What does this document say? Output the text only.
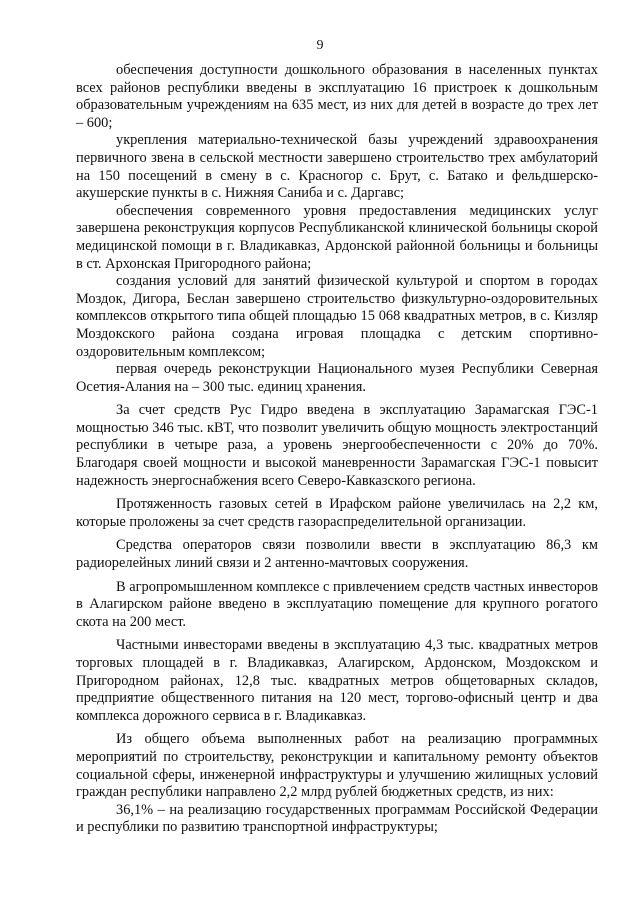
9

обеспечения доступности дошкольного образования в населенных пунктах всех районов республики введены в эксплуатацию 16 пристроек к дошкольным образовательным учреждениям на 635 мест, из них для детей в возрасте до трех лет – 600;

укрепления материально-технической базы учреждений здравоохранения первичного звена в сельской местности завершено строительство трех амбулаторий на 150 посещений в смену в с. Красногор с. Брут, с. Батако и фельдшерско-акушерские пункты в с. Нижняя Саниба и с. Даргавс;

обеспечения современного уровня предоставления медицинских услуг завершена реконструкция корпусов Республиканской клинической больницы скорой медицинской помощи в г. Владикавказ, Ардонской районной больницы и больницы в ст. Архонская Пригородного района;

создания условий для занятий физической культурой и спортом в городах Моздок, Дигора, Беслан завершено строительство физкультурно-оздоровительных комплексов открытого типа общей площадью 15 068 квадратных метров, в с. Кизляр Моздокского района создана игровая площадка с детским спортивно-оздоровительным комплексом;

первая очередь реконструкции Национального музея Республики Северная Осетия-Алания на – 300 тыс. единиц хранения.

За счет средств Рус Гидро введена в эксплуатацию Зарамагская ГЭС-1 мощностью 346 тыс. кВТ, что позволит увеличить общую мощность электростанций республики в четыре раза, а уровень энергообеспеченности с 20% до 70%. Благодаря своей мощности и высокой маневренности Зарамагская ГЭС-1 повысит надежность энергоснабжения всего Северо-Кавказского региона.

Протяженность газовых сетей в Ирафском районе увеличилась на 2,2 км, которые проложены за счет средств газораспределительной организации.

Средства операторов связи позволили ввести в эксплуатацию 86,3 км радиорелейных линий связи и 2 антенно-мачтовых сооружения.

В агропромышленном комплексе с привлечением средств частных инвесторов в Алагирском районе введено в эксплуатацию помещение для крупного рогатого скота на 200 мест.

Частными инвесторами введены в эксплуатацию 4,3 тыс. квадратных метров торговых площадей в г. Владикавказ, Алагирском, Ардонском, Моздокском и Пригородном районах, 12,8 тыс. квадратных метров общетоварных складов, предприятие общественного питания на 120 мест, торгово-офисный центр и два комплекса дорожного сервиса в г. Владикавказ.

Из общего объема выполненных работ на реализацию программных мероприятий по строительству, реконструкции и капитальному ремонту объектов социальной сферы, инженерной инфраструктуры и улучшению жилищных условий граждан республики направлено 2,2 млрд рублей бюджетных средств, из них:

36,1% – на реализацию государственных программам Российской Федерации и республики по развитию транспортной инфраструктуры;
